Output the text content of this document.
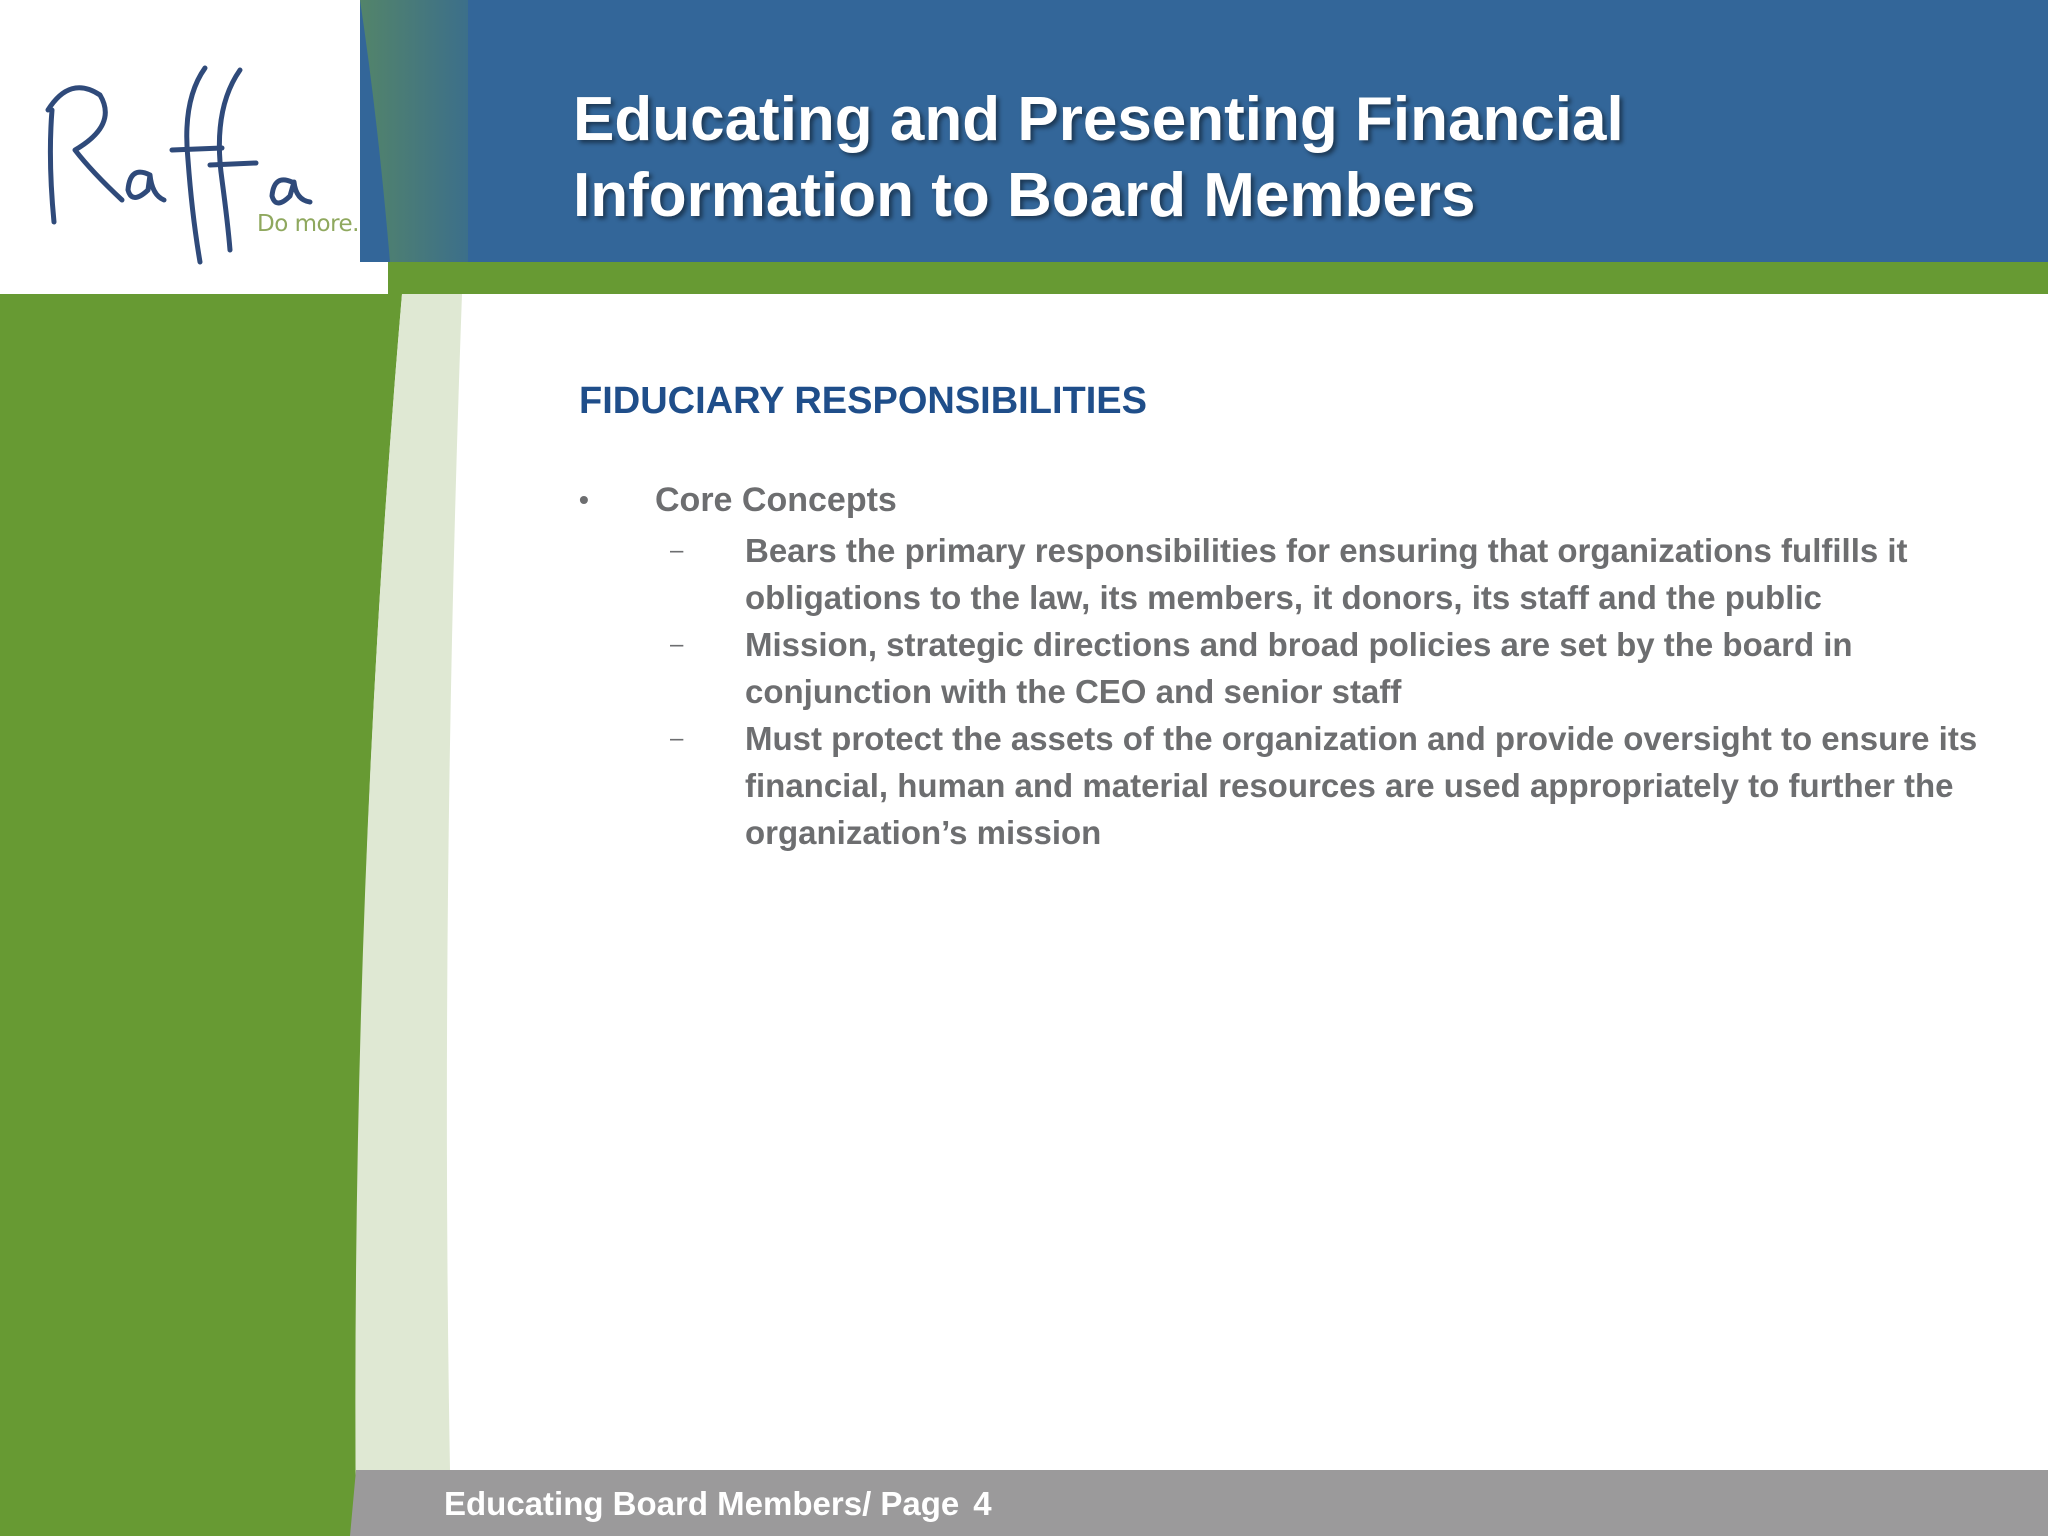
Do more.
Educating and Presenting Financial
Information to Board Members
FIDUCIARY RESPONSIBILITIES
•	Core Concepts
– Bears the primary responsibilities for ensuring that organizations fulfills it obligations to the law, its members, it donors, its staff and the public
– Mission, strategic directions and broad policies are set by the board in conjunction with the CEO and senior staff
– Must protect the assets of the organization and provide oversight to ensure its financial, human and material resources are used appropriately to further the organization’s mission
Educating Board Members/ Page 4
